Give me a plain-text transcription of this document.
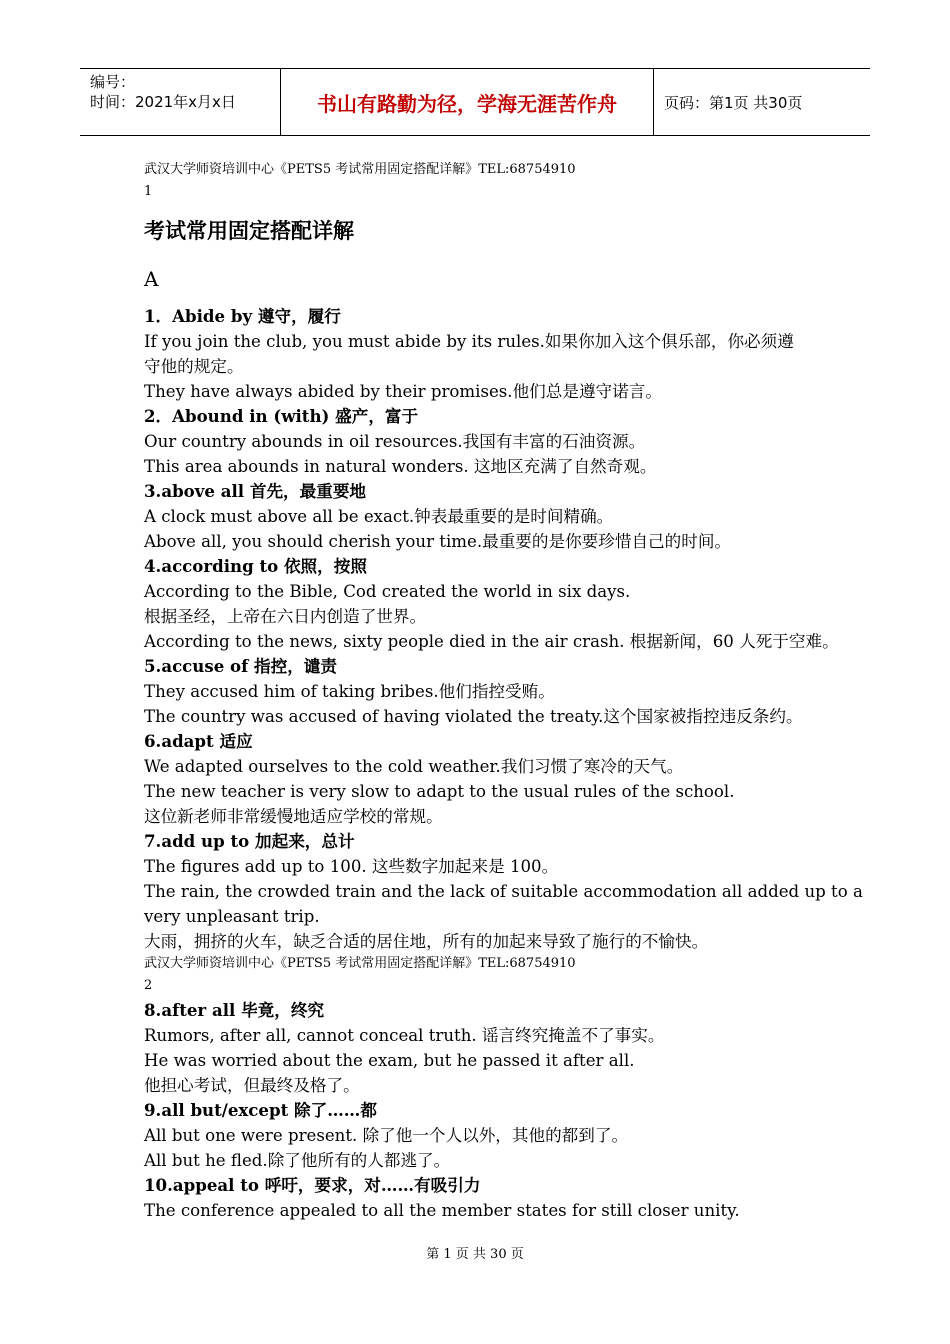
编号：
时间：2021年x月x日	书山有路勤为径，学海无涯苦作舟	页码：第1页 共30页
武汉大学师资培训中心《PETS5 考试常用固定搭配详解》TEL:68754910
1
考试常用固定搭配详解
A
1．Abide by 遵守，履行
If you join the club, you must abide by its rules.如果你加入这个俱乐部，你必须遵
守他的规定。
They have always abided by their promises.他们总是遵守诺言。
2．Abound in (with) 盛产，富于
Our country abounds in oil resources.我国有丰富的石油资源。
This area abounds in natural wonders. 这地区充满了自然奇观。
3.above all 首先，最重要地
A clock must above all be exact.钟表最重要的是时间精确。
Above all, you should cherish your time.最重要的是你要珍惜自己的时间。
4.according to 依照，按照
According to the Bible, Cod created the world in six days.
根据圣经，上帝在六日内创造了世界。
According to the news, sixty people died in the air crash. 根据新闻，60 人死于空难。
5.accuse of 指控，谴责
They accused him of taking bribes.他们指控受贿。
The country was accused of having violated the treaty.这个国家被指控违反条约。
6.adapt 适应
We adapted ourselves to the cold weather.我们习惯了寒冷的天气。
The new teacher is very slow to adapt to the usual rules of the school.
这位新老师非常缓慢地适应学校的常规。
7.add up to 加起来，总计
The figures add up to 100. 这些数字加起来是 100。
The rain, the crowded train and the lack of suitable accommodation all added up to a
very unpleasant trip.
大雨，拥挤的火车，缺乏合适的居住地，所有的加起来导致了施行的不愉快。
武汉大学师资培训中心《PETS5 考试常用固定搭配详解》TEL:68754910
2
8.after all 毕竟，终究
Rumors, after all, cannot conceal truth. 谣言终究掩盖不了事实。
He was worried about the exam, but he passed it after all.
他担心考试，但最终及格了。
9.all but/except 除了……都
All but one were present. 除了他一个人以外，其他的都到了。
All but he fled.除了他所有的人都逃了。
10.appeal to 呼吁，要求，对……有吸引力
The conference appealed to all the member states for still closer unity.
第 1 页 共 30 页
